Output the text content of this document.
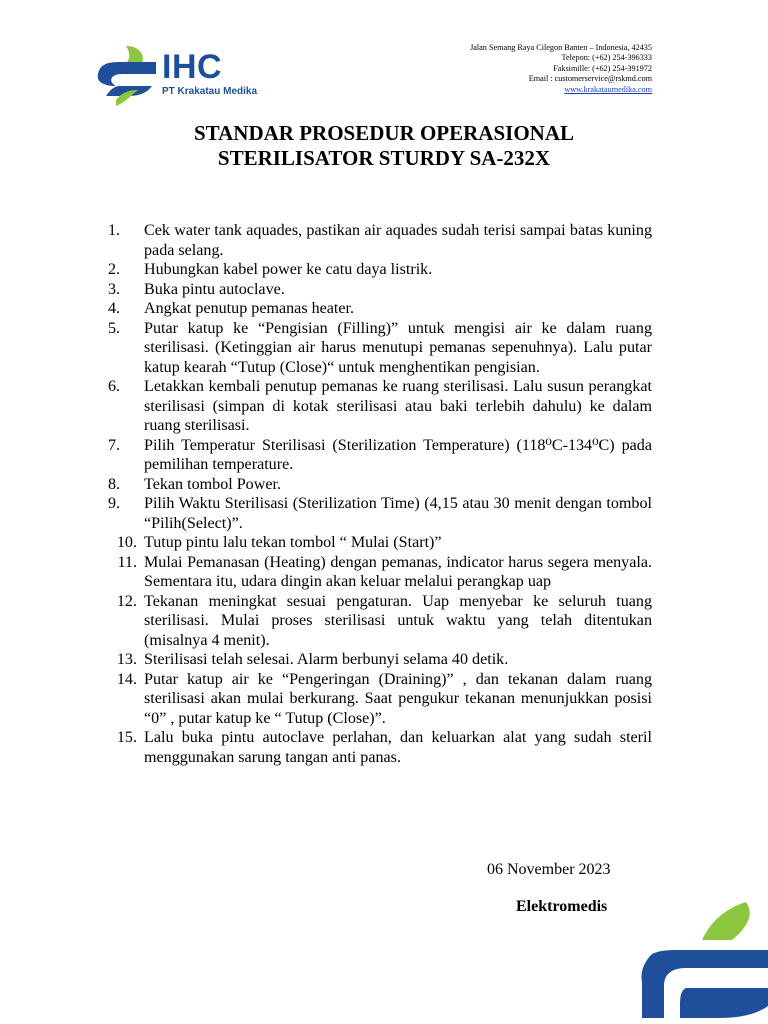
IHC
PT Krakatau Medika
Jalan Semang Raya Cilegon Banten – Indonesia, 42435
Telepon: (+62) 254-396333
Faksimille: (+62) 254-391972
Email : customerservice@rskmd.com
www.krakataumedika.com
STANDAR PROSEDUR OPERASIONAL
STERILISATOR STURDY SA-232X
1.	Cek water tank aquades, pastikan air aquades sudah terisi sampai batas kuning pada selang.
2.	Hubungkan kabel power ke catu daya listrik.
3.	Buka pintu autoclave.
4.	Angkat penutup pemanas heater.
5.	Putar katup ke “Pengisian (Filling)” untuk mengisi air ke dalam ruang sterilisasi. (Ketinggian air harus menutupi pemanas sepenuhnya). Lalu putar katup kearah “Tutup (Close)“ untuk menghentikan pengisian.
6.	Letakkan kembali penutup pemanas ke ruang sterilisasi. Lalu susun perangkat sterilisasi (simpan di kotak sterilisasi atau baki terlebih dahulu) ke dalam ruang sterilisasi.
7.	Pilih Temperatur Sterilisasi (Sterilization Temperature) (118⁰C-134⁰C) pada pemilihan temperature.
8.	Tekan tombol Power.
9.	Pilih Waktu Sterilisasi (Sterilization Time) (4,15 atau 30 menit dengan tombol “Pilih(Select)”.
10. Tutup pintu lalu tekan tombol “ Mulai (Start)”
11. Mulai Pemanasan (Heating) dengan pemanas, indicator harus segera menyala. Sementara itu, udara dingin akan keluar melalui perangkap uap
12. Tekanan meningkat sesuai pengaturan. Uap menyebar ke seluruh tuang sterilisasi. Mulai proses sterilisasi untuk waktu yang telah ditentukan (misalnya 4 menit).
13. Sterilisasi telah selesai. Alarm berbunyi selama 40 detik.
14. Putar katup air ke “Pengeringan (Draining)” , dan tekanan dalam ruang sterilisasi akan mulai berkurang. Saat pengukur tekanan menunjukkan posisi “0” , putar katup ke “ Tutup (Close)”.
15. Lalu buka pintu autoclave perlahan, dan keluarkan alat yang sudah steril menggunakan sarung tangan anti panas.
06 November 2023
Elektromedis
